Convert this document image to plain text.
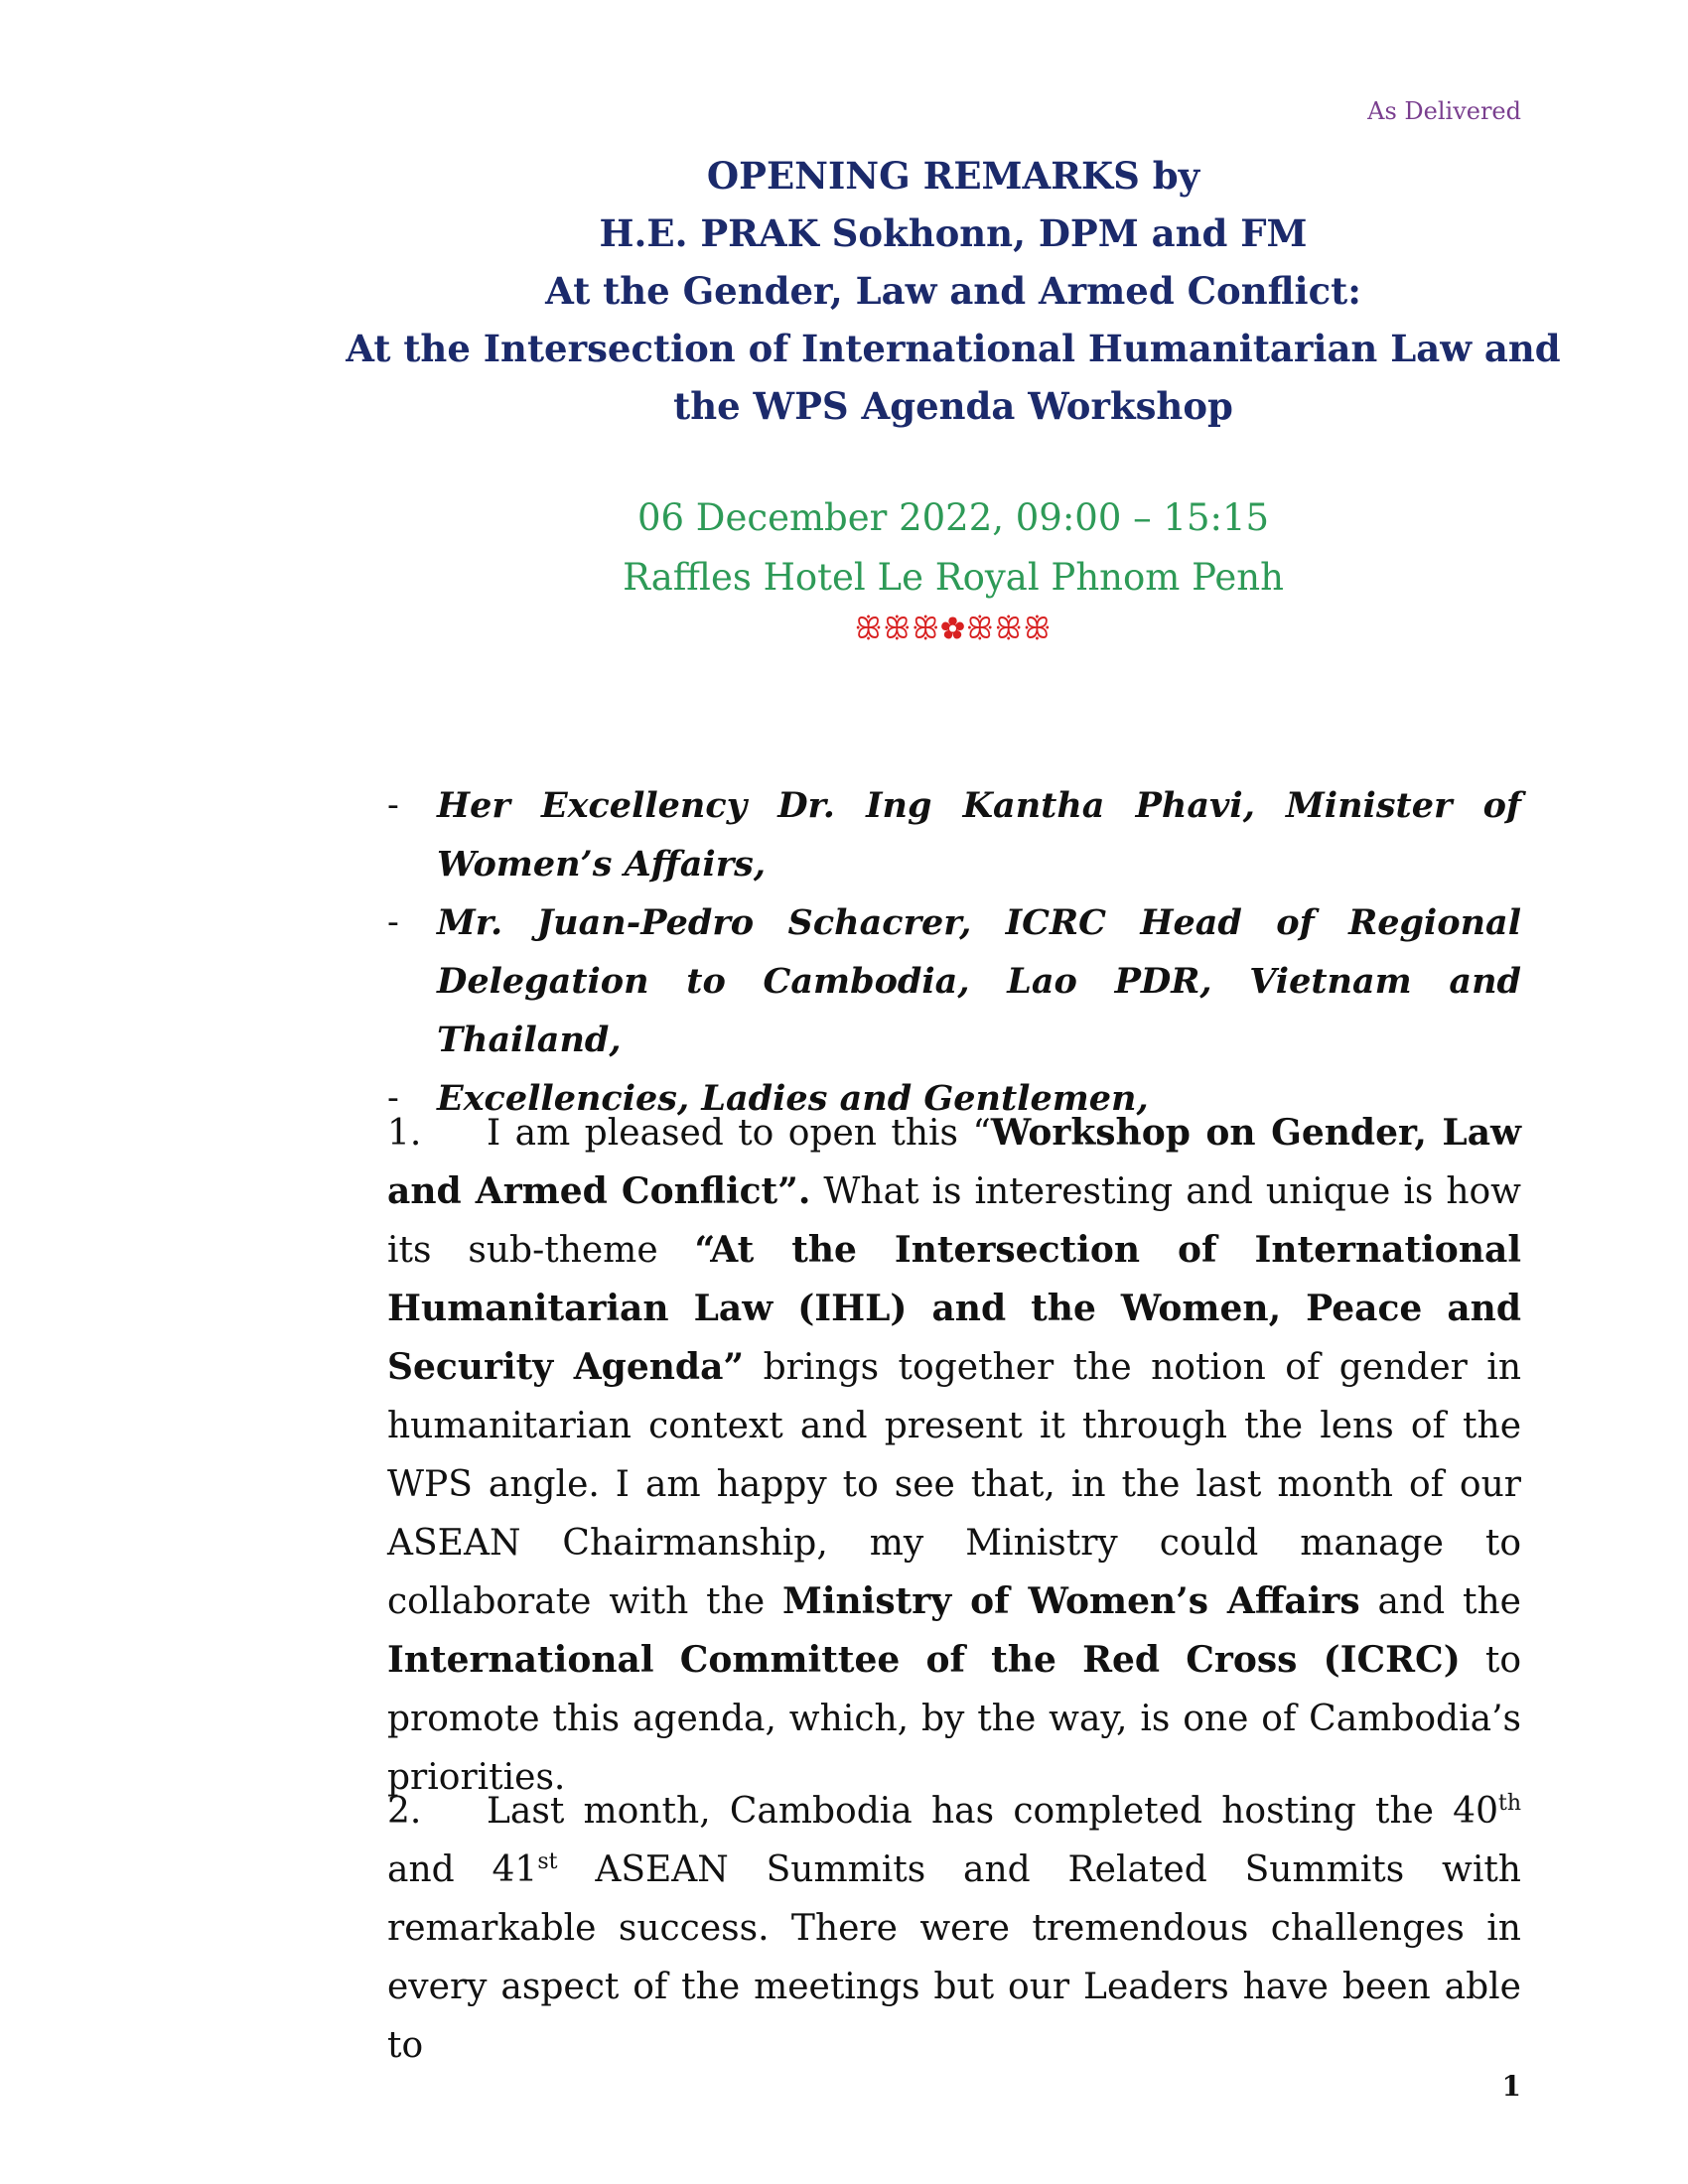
As Delivered
OPENING REMARKS by
H.E. PRAK Sokhonn, DPM and FM
At the Gender, Law and Armed Conflict:
At the Intersection of International Humanitarian Law and
the WPS Agenda Workshop
06 December 2022, 09:00 – 15:15
Raffles Hotel Le Royal Phnom Penh
ꕥꕥꕥ✿ꕥꕥꕥ
- Her Excellency Dr. Ing Kantha Phavi, Minister of Women’s Affairs,
- Mr. Juan-Pedro Schacrer, ICRC Head of Regional Delegation to Cambodia, Lao PDR, Vietnam and Thailand,
- Excellencies, Ladies and Gentlemen,
1. I am pleased to open this “Workshop on Gender, Law and Armed Conflict”. What is interesting and unique is how its sub-theme “At the Intersection of International Humanitarian Law (IHL) and the Women, Peace and Security Agenda” brings together the notion of gender in humanitarian context and present it through the lens of the WPS angle. I am happy to see that, in the last month of our ASEAN Chairmanship, my Ministry could manage to collaborate with the Ministry of Women’s Affairs and the International Committee of the Red Cross (ICRC) to promote this agenda, which, by the way, is one of Cambodia’s priorities.
2. Last month, Cambodia has completed hosting the 40th and 41st ASEAN Summits and Related Summits with remarkable success. There were tremendous challenges in every aspect of the meetings but our Leaders have been able to
1
